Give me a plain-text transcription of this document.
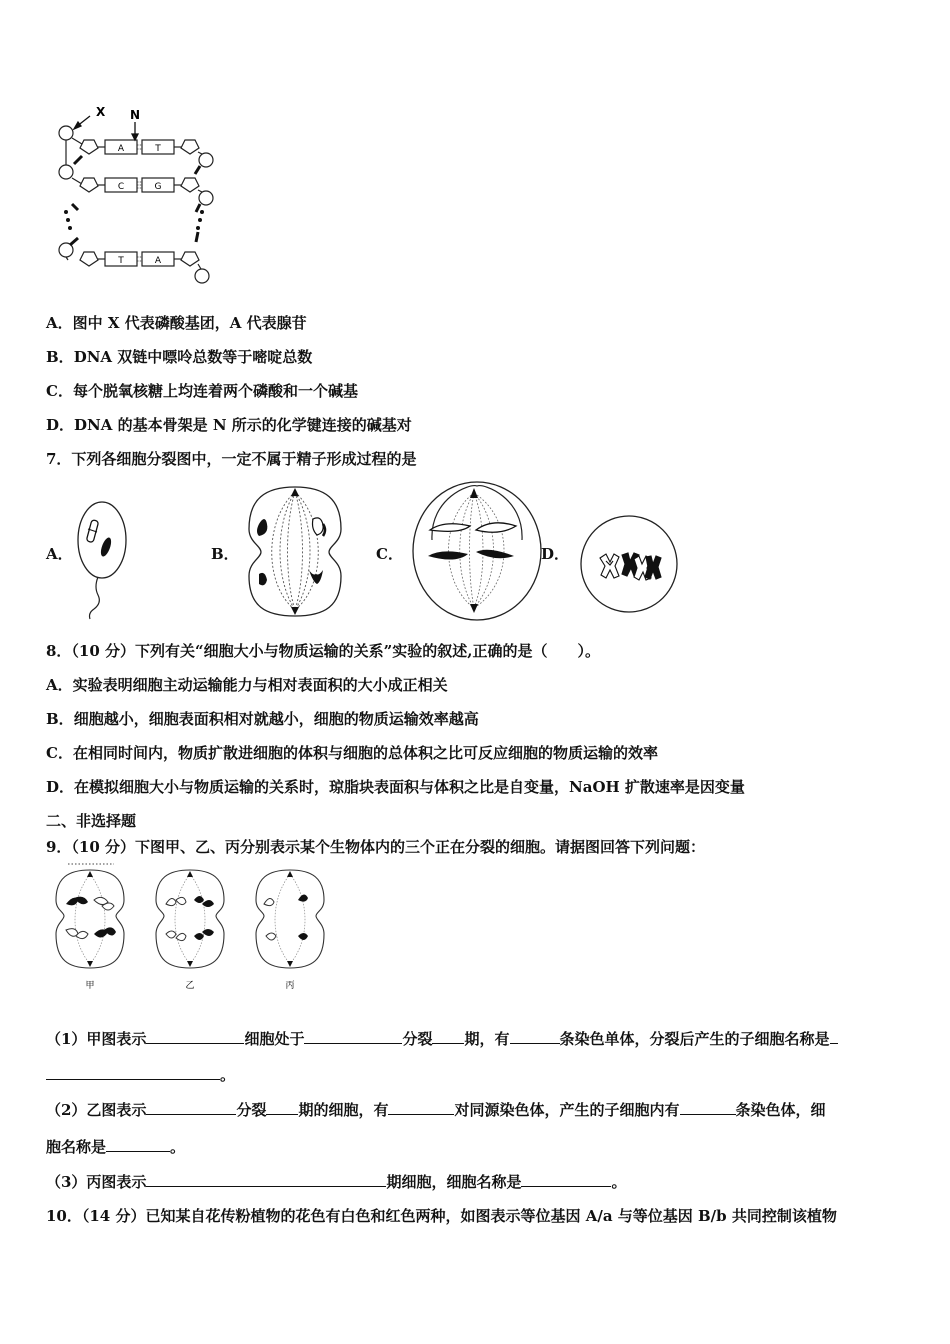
X N
A	T
C	G
T	A
A．图中 X 代表磷酸基团，A 代表腺苷
B．DNA 双链中嘌呤总数等于嘧啶总数
C．每个脱氧核糖上均连着两个磷酸和一个碱基
D．DNA 的基本骨架是 N 所示的化学键连接的碱基对
7．下列各细胞分裂图中，一定不属于精子形成过程的是
A．	B．	C．	D．
8．（10 分）下列有关“细胞大小与物质运输的关系”实验的叙述,正确的是（　　）。
A．实验表明细胞主动运输能力与相对表面积的大小成正相关
B．细胞越小，细胞表面积相对就越小，细胞的物质运输效率越高
C．在相同时间内，物质扩散进细胞的体积与细胞的总体积之比可反应细胞的物质运输的效率
D．在模拟细胞大小与物质运输的关系时，琼脂块表面积与体积之比是自变量，NaOH 扩散速率是因变量
二、非选择题
9．（10 分）下图甲、乙、丙分别表示某个生物体内的三个正在分裂的细胞。请据图回答下列问题：
甲	乙	丙
（1）甲图表示	细胞处于	分裂 期，有	条染色单体，分裂后产生的子细胞名称是
。
（2）乙图表示	分裂 期的细胞，有	对同源染色体，产生的子细胞内有	条染色体，细
胞名称是	。
（3）丙图表示	期细胞，细胞名称是	。
10．（14 分）已知某自花传粉植物的花色有白色和红色两种，如图表示等位基因 A/a 与等位基因 B/b 共同控制该植物
